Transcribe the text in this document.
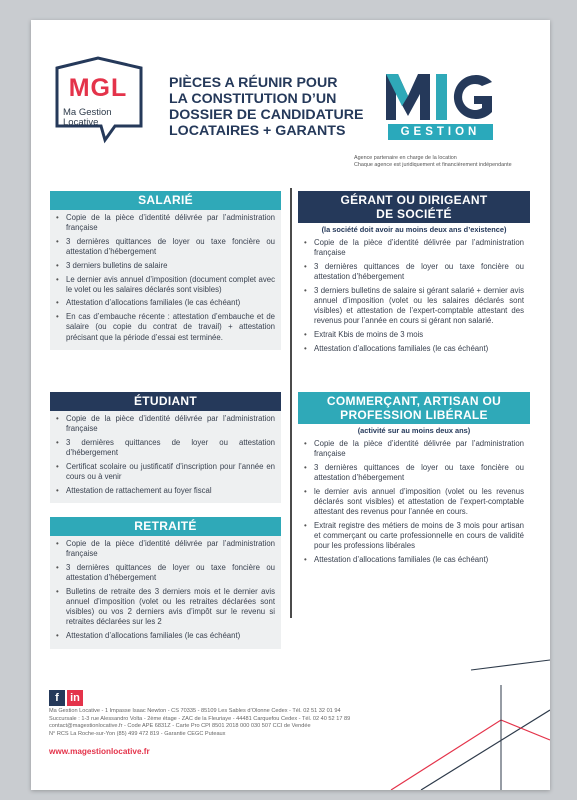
MGL
Ma Gestion
Locative
PIÈCES A RÉUNIR POUR
LA CONSTITUTION D’UN
DOSSIER DE CANDIDATURE
LOCATAIRES + GARANTS	GESTION
Agence partenaire en charge de la location
Chaque agence est juridiquement et financièrement indépendante
SALARIÉ
• Copie de la pièce d’identité délivrée par l’administration française
• 3 dernières quittances de loyer ou taxe foncière ou attestation d’hébergement
• 3 derniers bulletins de salaire
• Le dernier avis annuel d’imposition (document complet avec le volet ou les salaires déclarés sont visibles)
• Attestation d’allocations familiales (le cas échéant)
• En cas d’embauche récente : attestation d’embauche et de salaire (ou copie du contrat de travail) + attestation précisant que la période d’essai est terminée.
ÉTUDIANT
• Copie de la pièce d’identité délivrée par l’administration française
• 3 dernières quittances de loyer ou attestation d’hébergement
• Certificat scolaire ou justificatif d’inscription pour l’année en cours ou à venir
• Attestation de rattachement au foyer fiscal
RETRAITÉ
• Copie de la pièce d’identité délivrée par l’administration française
• 3 dernières quittances de loyer ou taxe foncière ou attestation d’hébergement
• Bulletins de retraite des 3 derniers mois et le dernier avis annuel d’imposition (volet ou les retraites déclarées sont visibles) ou vos 2 derniers avis d’impôt sur le revenu si retraites déclarées sur les 2
• Attestation d’allocations familiales (le cas échéant)
GÉRANT OU DIRIGEANT
DE SOCIÉTÉ
(la société doit avoir au moins deux ans d’existence)
• Copie de la pièce d’identité délivrée par l’administration française
• 3 dernières quittances de loyer ou taxe foncière ou attestation d’hébergement
• 3 derniers bulletins de salaire si gérant salarié + dernier avis annuel d’imposition (volet ou les salaires déclarés sont visibles) et attestation de l’expert-comptable attestant des revenus pour l’année en cours si gérant non salarié.
• Extrait Kbis de moins de 3 mois
• Attestation d’allocations familiales (le cas échéant)
COMMERÇANT, ARTISAN OU
PROFESSION LIBÉRALE
(activité sur au moins deux ans)
• Copie de la pièce d’identité délivrée par l’administration française
• 3 dernières quittances de loyer ou taxe foncière ou attestation d’hébergement
• le dernier avis annuel d’imposition (volet ou les revenus déclarés sont visibles) et attestation de l’expert-comptable attestant des revenus pour l’année en cours.
• Extrait registre des métiers de moins de 3 mois pour artisan et commerçant ou carte professionnelle en cours de validité pour les professions libérales
• Attestation d’allocations familiales (le cas échéant)
f in
Ma Gestion Locative - 1 Impasse Isaac Newton - CS 70335 - 85109 Les Sables d’Olonne Cedex - Tél. 02 51 32 01 94
Succursale : 1-3 rue Alessandro Volta - 2ème étage - ZAC de la Fleuriaye - 44481 Carquefou Cedex - Tél. 02 40 52 17 89
contact@magestionlocative.fr - Code APE 6831Z - Carte Pro CPI 8501 2018 000 030 507 CCI de Vendée
N° RCS La Roche-sur-Yon (85) 499 472 819 - Garantie CEGC Puteaux
www.magestionlocative.fr
